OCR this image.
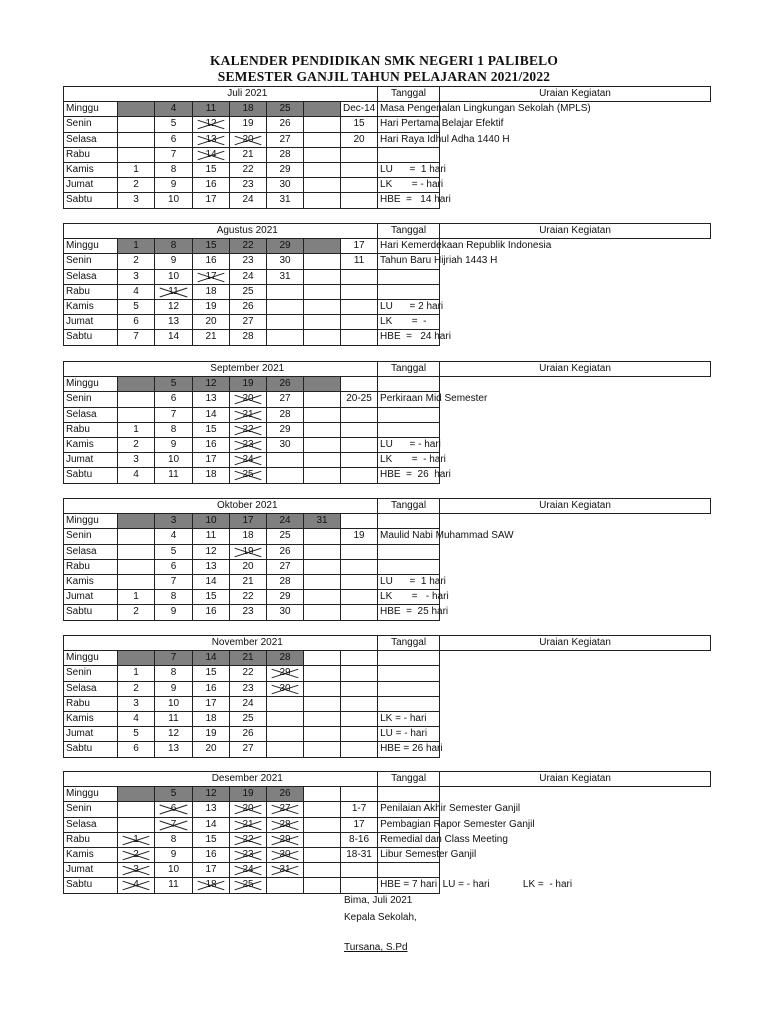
KALENDER PENDIDIKAN SMK NEGERI 1 PALIBELO
SEMESTER GANJIL TAHUN PELAJARAN 2021/2022
	Juli 2021							Tanggal	Uraian Kegiatan
Minggu		4	11	18	25		Dec-14	Masa Pengenalan Lingkungan Sekolah (MPLS)	
Senin		5	12	19	26		15	Hari Pertama Belajar Efektif	
Selasa		6	13	20	27		20	Hari Raya Idhul Adha 1440 H	
Rabu		7	14	21	28				
Kamis	1	8	15	22	29			LU      =  1 hari	
Jumat	2	9	16	23	30			LK       = - hari	
Sabtu	3	10	17	24	31			HBE  =   14 hari	
	Agustus 2021							Tanggal	Uraian Kegiatan
Minggu	1	8	15	22	29		17	Hari Kemerdekaan Republik Indonesia	
Senin	2	9	16	23	30		11	Tahun Baru Hijriah 1443 H	
Selasa	3	10	17	24	31				
Rabu	4	11	18	25					
Kamis	5	12	19	26				LU      = 2 hari	
Jumat	6	13	20	27				LK       =  -	
Sabtu	7	14	21	28				HBE  =   24 hari	
	September 2021							Tanggal	Uraian Kegiatan
Minggu		5	12	19	26				
Senin		6	13	20	27		20-25	Perkiraan Mid Semester	
Selasa		7	14	21	28				
Rabu	1	8	15	22	29				
Kamis	2	9	16	23	30			LU      = - hari	
Jumat	3	10	17	24				LK       =  - hari	
Sabtu	4	11	18	25				HBE  =  26  hari	
	Oktober 2021							Tanggal	Uraian Kegiatan
Minggu		3	10	17	24	31			
Senin		4	11	18	25		19	Maulid Nabi Muhammad SAW	
Selasa		5	12	19	26				
Rabu		6	13	20	27				
Kamis		7	14	21	28			LU      =  1 hari	
Jumat	1	8	15	22	29			LK       =   - hari	
Sabtu	2	9	16	23	30			HBE  =  25 hari	
	November 2021							Tanggal	Uraian Kegiatan
Minggu		7	14	21	28				
Senin	1	8	15	22	29				
Selasa	2	9	16	23	30				
Rabu	3	10	17	24					
Kamis	4	11	18	25				LK = - hari	
Jumat	5	12	19	26				LU = - hari	
Sabtu	6	13	20	27				HBE = 26 hari	
	Desember 2021							Tanggal	Uraian Kegiatan
Minggu		5	12	19	26				
Senin		6	13	20	27		1-7	Penilaian Akhir Semester Ganjil	
Selasa		7	14	21	28		17	Pembagian Rapor Semester Ganjil	
Rabu	1	8	15	22	29		8-16	Remedial dan Class Meeting	
Kamis	2	9	16	23	30		18-31	Libur Semester Ganjil	
Jumat	3	10	17	24	31				
Sabtu	4	11	18	25				HBE = 7 hari  LU = - hari            LK =  - hari	
Bima, Juli 2021
Kepala Sekolah,
Tursana, S.Pd
